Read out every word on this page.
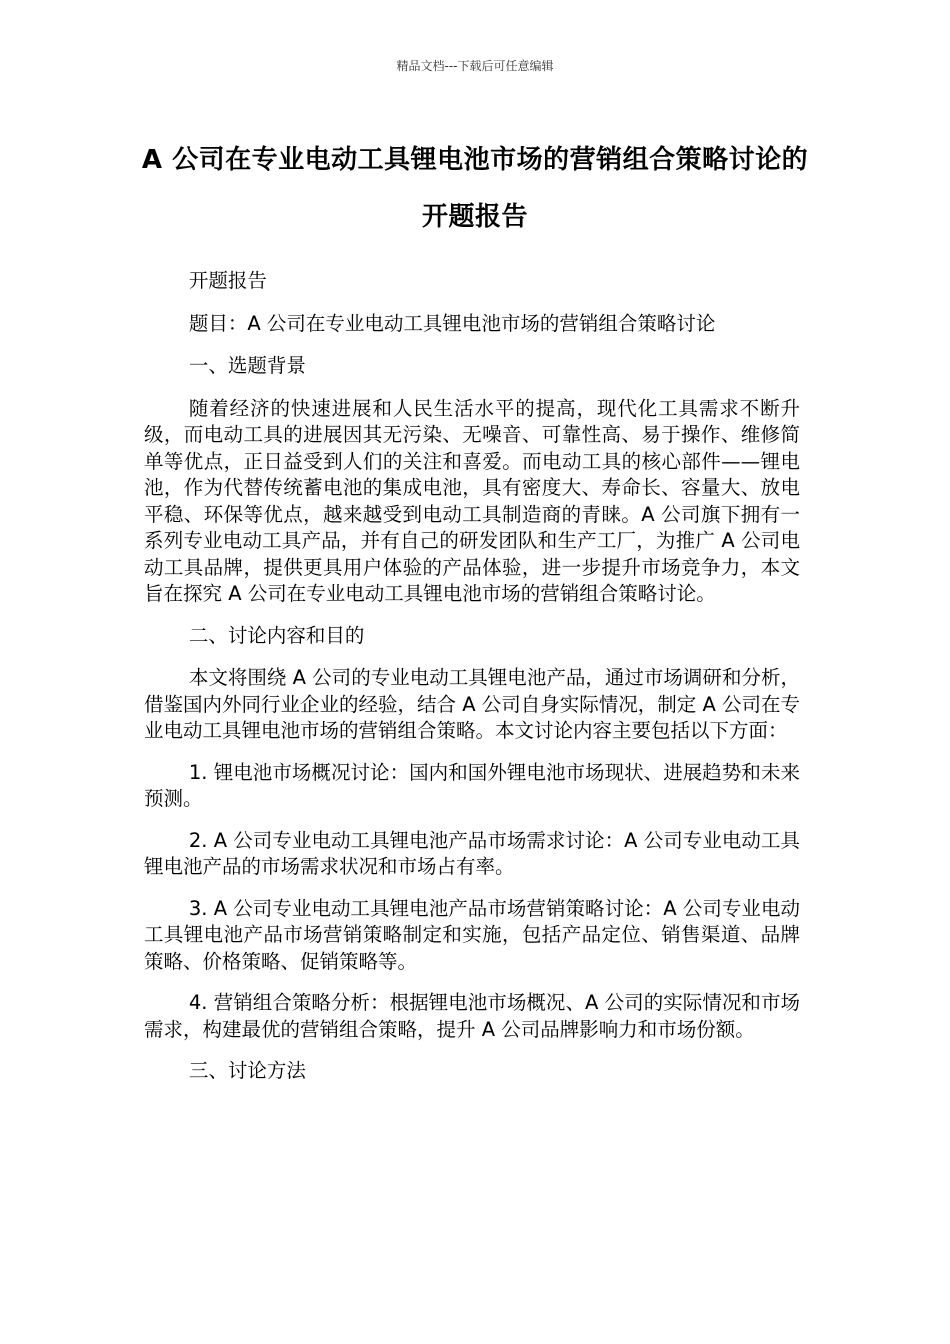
精品文档---下载后可任意编辑
A 公司在专业电动工具锂电池市场的营销组合策略讨论的开题报告

开题报告

题目：A 公司在专业电动工具锂电池市场的营销组合策略讨论

一、选题背景

随着经济的快速进展和人民生活水平的提高，现代化工具需求不断升级，而电动工具的进展因其无污染、无噪音、可靠性高、易于操作、维修简单等优点，正日益受到人们的关注和喜爱。而电动工具的核心部件——锂电池，作为代替传统蓄电池的集成电池，具有密度大、寿命长、容量大、放电平稳、环保等优点，越来越受到电动工具制造商的青睐。A 公司旗下拥有一系列专业电动工具产品，并有自己的研发团队和生产工厂，为推广 A 公司电动工具品牌，提供更具用户体验的产品体验，进一步提升市场竞争力，本文旨在探究 A 公司在专业电动工具锂电池市场的营销组合策略讨论。

二、讨论内容和目的

本文将围绕 A 公司的专业电动工具锂电池产品，通过市场调研和分析，借鉴国内外同行业企业的经验，结合 A 公司自身实际情况，制定 A 公司在专业电动工具锂电池市场的营销组合策略。本文讨论内容主要包括以下方面：

1. 锂电池市场概况讨论：国内和国外锂电池市场现状、进展趋势和未来预测。

2. A 公司专业电动工具锂电池产品市场需求讨论：A 公司专业电动工具锂电池产品的市场需求状况和市场占有率。

3. A 公司专业电动工具锂电池产品市场营销策略讨论：A 公司专业电动工具锂电池产品市场营销策略制定和实施，包括产品定位、销售渠道、品牌策略、价格策略、促销策略等。

4. 营销组合策略分析：根据锂电池市场概况、A 公司的实际情况和市场需求，构建最优的营销组合策略，提升 A 公司品牌影响力和市场份额。

三、讨论方法
